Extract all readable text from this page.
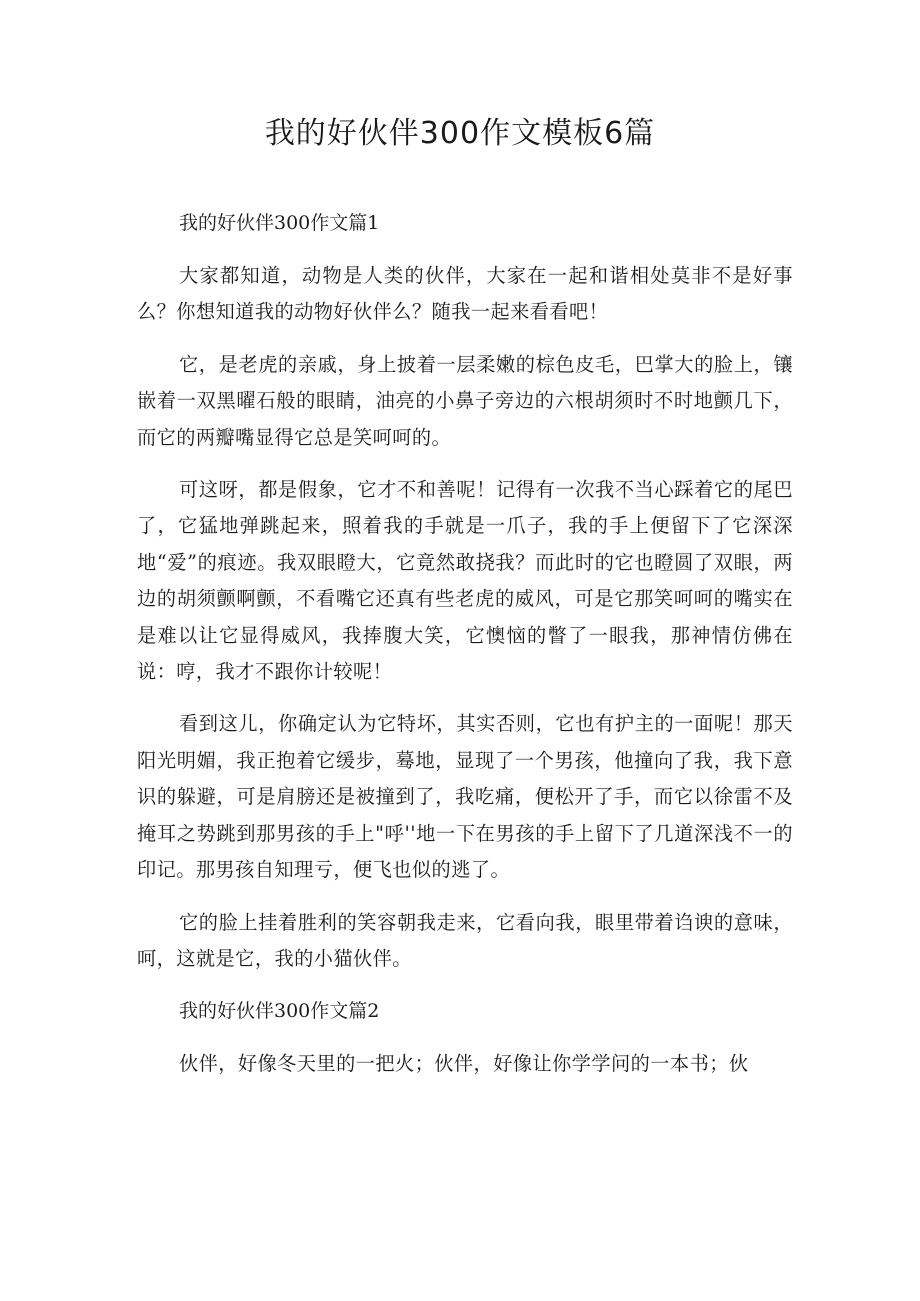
我的好伙伴300作文模板6篇
我的好伙伴300作文篇1

大家都知道，动物是人类的伙伴，大家在一起和谐相处莫非不是好事么？你想知道我的动物好伙伴么？随我一起来看看吧！

它，是老虎的亲戚，身上披着一层柔嫩的棕色皮毛，巴掌大的脸上，镶嵌着一双黑曜石般的眼睛，油亮的小鼻子旁边的六根胡须时不时地颤几下，而它的两瓣嘴显得它总是笑呵呵的。

可这呀，都是假象，它才不和善呢！记得有一次我不当心踩着它的尾巴了，它猛地弹跳起来，照着我的手就是一爪子，我的手上便留下了它深深地“爱”的痕迹。我双眼瞪大，它竟然敢挠我？而此时的它也瞪圆了双眼，两边的胡须颤啊颤，不看嘴它还真有些老虎的威风，可是它那笑呵呵的嘴实在是难以让它显得威风，我捧腹大笑，它懊恼的瞥了一眼我，那神情仿佛在说：哼，我才不跟你计较呢！

看到这儿，你确定认为它特坏，其实否则，它也有护主的一面呢！那天阳光明媚，我正抱着它缓步，蓦地，显现了一个男孩，他撞向了我，我下意识的躲避，可是肩膀还是被撞到了，我吃痛，便松开了手，而它以徐雷不及掩耳之势跳到那男孩的手上"呼''地一下在男孩的手上留下了几道深浅不一的印记。那男孩自知理亏，便飞也似的逃了。

它的脸上挂着胜利的笑容朝我走来，它看向我，眼里带着诌谀的意味，呵，这就是它，我的小猫伙伴。

我的好伙伴300作文篇2

伙伴，好像冬天里的一把火；伙伴，好像让你学学问的一本书；伙
